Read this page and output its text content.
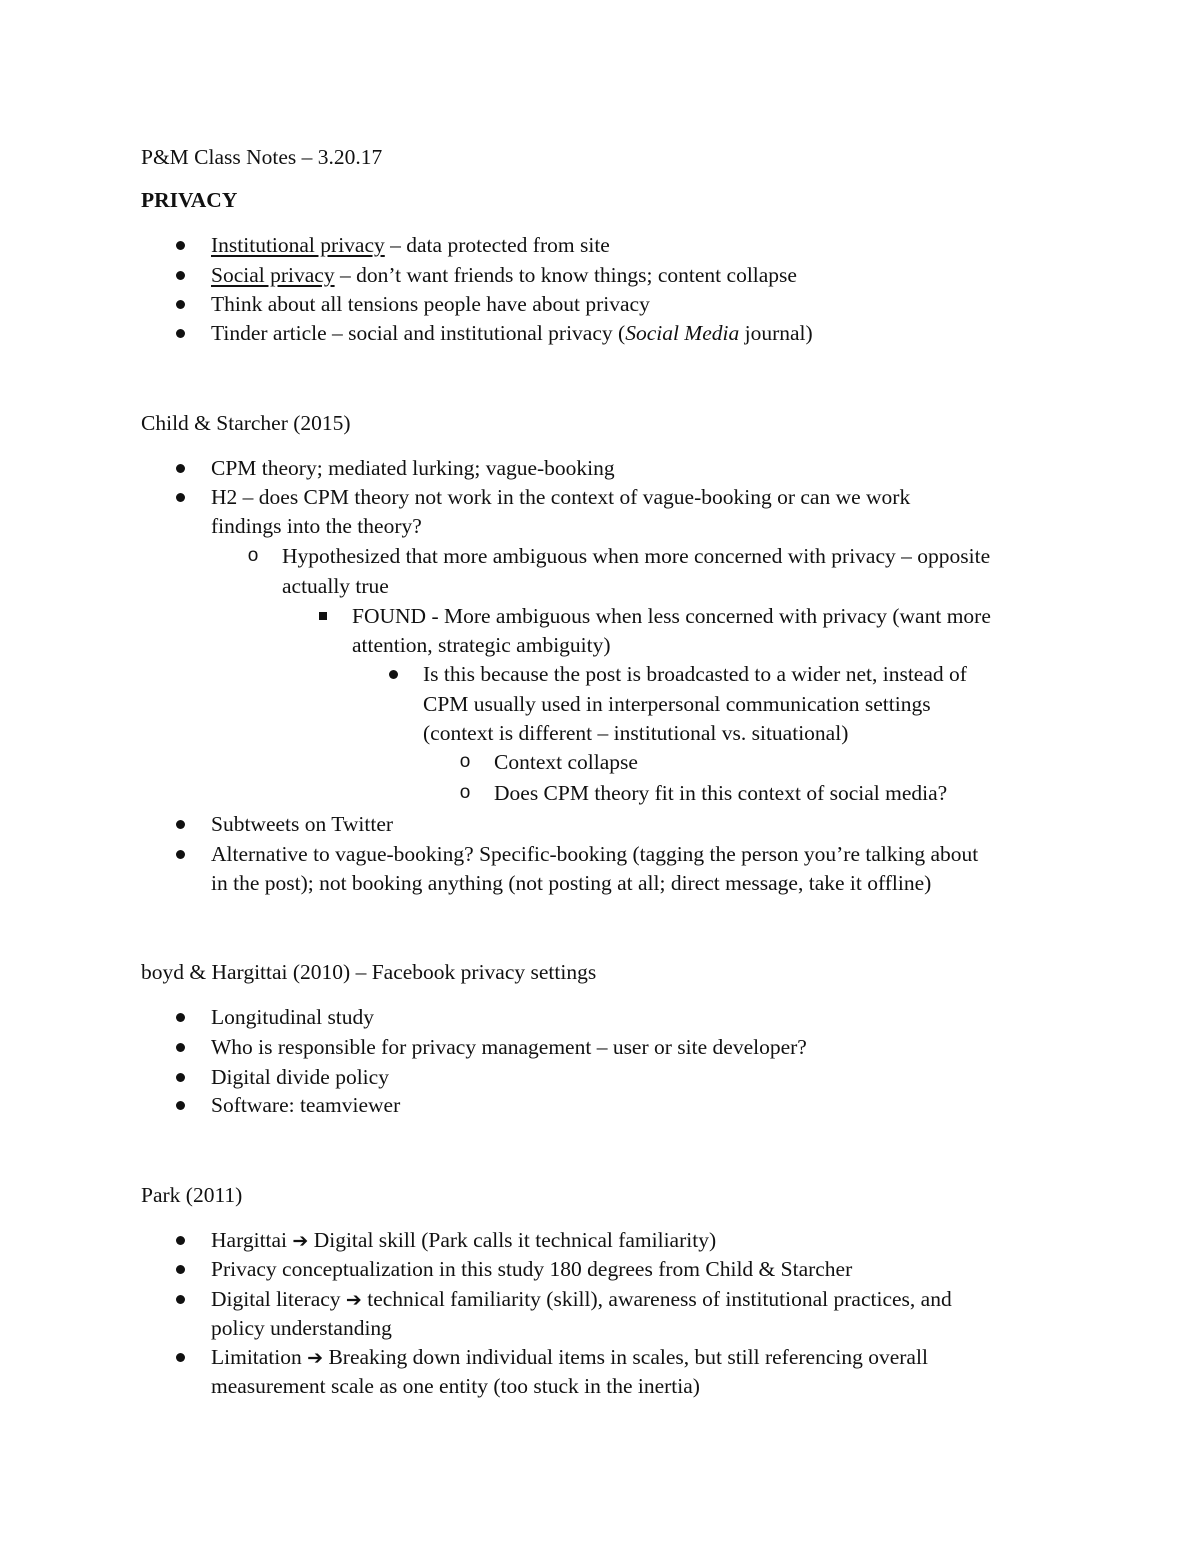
P&M Class Notes – 3.20.17
PRIVACY
Institutional privacy – data protected from site
Social privacy – don’t want friends to know things; content collapse
Think about all tensions people have about privacy
Tinder article – social and institutional privacy (Social Media journal)
Child & Starcher (2015)
CPM theory; mediated lurking; vague-booking
H2 – does CPM theory not work in the context of vague-booking or can we work
findings into the theory?
o Hypothesized that more ambiguous when more concerned with privacy – opposite
actually true
FOUND - More ambiguous when less concerned with privacy (want more
attention, strategic ambiguity)
Is this because the post is broadcasted to a wider net, instead of
CPM usually used in interpersonal communication settings
(context is different – institutional vs. situational)
o Context collapse
o Does CPM theory fit in this context of social media?
Subtweets on Twitter
Alternative to vague-booking? Specific-booking (tagging the person you’re talking about
in the post); not booking anything (not posting at all; direct message, take it offline)
boyd & Hargittai (2010) – Facebook privacy settings
Longitudinal study
Who is responsible for privacy management – user or site developer?
Digital divide policy
Software: teamviewer
Park (2011)
Hargittai ➔ Digital skill (Park calls it technical familiarity)
Privacy conceptualization in this study 180 degrees from Child & Starcher
Digital literacy ➔ technical familiarity (skill), awareness of institutional practices, and
policy understanding
Limitation ➔ Breaking down individual items in scales, but still referencing overall
measurement scale as one entity (too stuck in the inertia)
